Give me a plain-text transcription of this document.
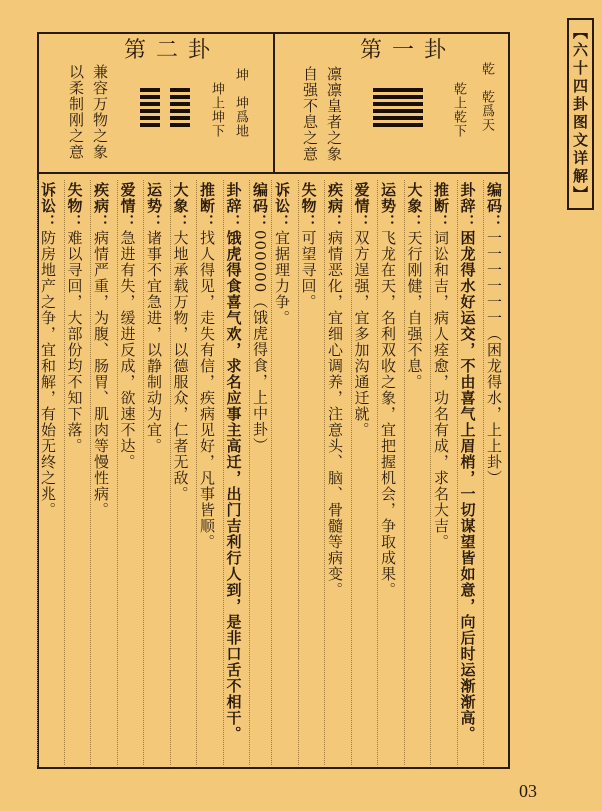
【六十四卦图文详解】
第一卦
乾　乾爲天
乾上乾下
凛凛皇者之象
自强不息之意
第二卦
坤　坤爲地
坤上坤下
兼容万物之象
以柔制刚之意
编码：一一一一一一（困龙得水，上上卦）
卦辞：困龙得水好运交，不由喜气上眉梢，一切谋望皆如意，向后时运渐渐高。
推断：词讼和吉，病人痊愈，功名有成，求名大吉。
大象：天行刚健，自强不息。
运势：飞龙在天，名利双收之象，宜把握机会，争取成果。
爱情：双方逞强，宜多加沟通迁就。
疾病：病情恶化，宜细心调养，注意头、脑、骨髓等病变。
失物：可望寻回。
诉讼：宜据理力争。
编码：000000（饿虎得食，上中卦）
卦辞：饿虎得食喜气欢，求名应事主高迁，出门吉利行人到，是非口舌不相干。
推断：找人得见，走失有信，疾病见好，凡事皆顺。
大象：大地承载万物，以德服众，仁者无敌。
运势：诸事不宜急进，以静制动为宜。
爱情：急进有失，缓进反成，欲速不达。
疾病：病情严重，为腹、肠胃、肌肉等慢性病。
失物：难以寻回，大部份均不知下落。
诉讼：防房地产之争，宜和解，有始无终之兆。
03
